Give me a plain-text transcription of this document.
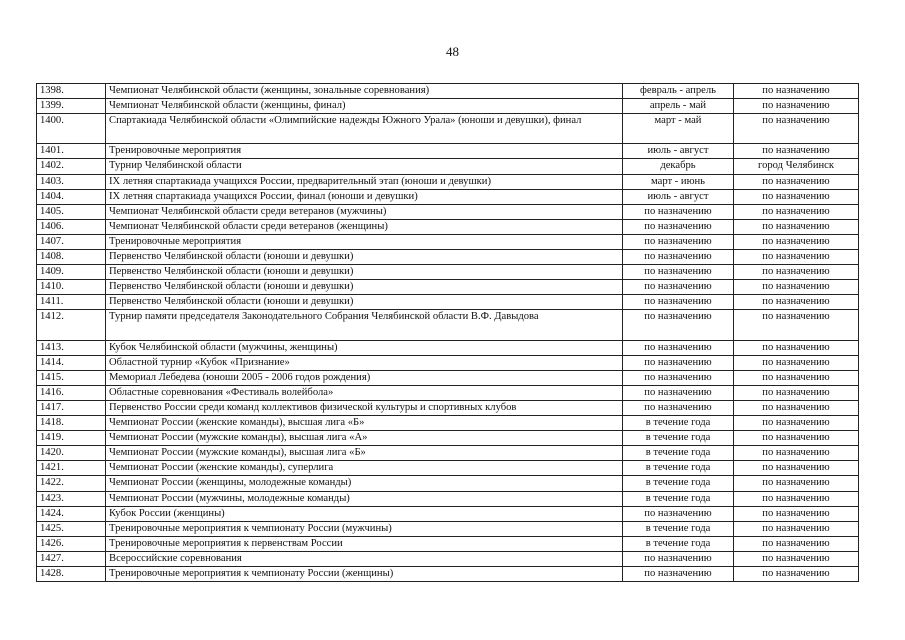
48
1398.	Чемпионат Челябинской области (женщины, зональные соревнования)	февраль - апрель	по назначению
1399.	Чемпионат Челябинской области (женщины, финал)	апрель - май	по назначению
1400.	Спартакиада Челябинской области «Олимпийские надежды Южного Урала» (юноши и девушки), финал	март - май	по назначению
1401.	Тренировочные мероприятия	июль - август	по назначению
1402.	Турнир Челябинской области	декабрь	город Челябинск
1403.	IX летняя спартакиада учащихся России, предварительный этап (юноши и девушки)	март - июнь	по назначению
1404.	IX летняя спартакиада учащихся России, финал (юноши и девушки)	июль - август	по назначению
1405.	Чемпионат Челябинской области среди ветеранов (мужчины)	по назначению	по назначению
1406.	Чемпионат Челябинской области среди ветеранов (женщины)	по назначению	по назначению
1407.	Тренировочные мероприятия	по назначению	по назначению
1408.	Первенство Челябинской области (юноши и девушки)	по назначению	по назначению
1409.	Первенство Челябинской области (юноши и девушки)	по назначению	по назначению
1410.	Первенство Челябинской области (юноши и девушки)	по назначению	по назначению
1411.	Первенство Челябинской области (юноши и девушки)	по назначению	по назначению
1412.	Турнир памяти председателя Законодательного Собрания Челябинской области В.Ф. Давыдова	по назначению	по назначению
1413.	Кубок Челябинской области (мужчины, женщины)	по назначению	по назначению
1414.	Областной турнир «Кубок «Признание»	по назначению	по назначению
1415.	Мемориал Лебедева (юноши 2005 - 2006 годов рождения)	по назначению	по назначению
1416.	Областные соревнования «Фестиваль волейбола»	по назначению	по назначению
1417.	Первенство России среди команд коллективов физической культуры и спортивных клубов	по назначению	по назначению
1418.	Чемпионат России (женские команды), высшая лига «Б»	в течение года	по назначению
1419.	Чемпионат России (мужские команды), высшая лига «А»	в течение года	по назначению
1420.	Чемпионат России (мужские команды), высшая лига «Б»	в течение года	по назначению
1421.	Чемпионат России (женские команды), суперлига	в течение года	по назначению
1422.	Чемпионат России (женщины, молодежные команды)	в течение года	по назначению
1423.	Чемпионат России (мужчины, молодежные команды)	в течение года	по назначению
1424.	Кубок России (женщины)	по назначению	по назначению
1425.	Тренировочные мероприятия к чемпионату России (мужчины)	в течение года	по назначению
1426.	Тренировочные мероприятия к первенствам России	в течение года	по назначению
1427.	Всероссийские соревнования	по назначению	по назначению
1428.	Тренировочные мероприятия к чемпионату России (женщины)	по назначению	по назначению
